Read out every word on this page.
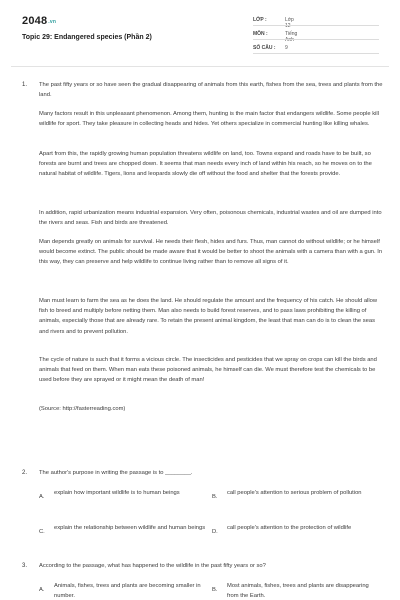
$2048^{.vn}$
Topic 29: Endangered species (Phần 2)
LỚP :	Lớp 12
MÔN :	Tiếng Anh
SỐ CÂU :	9
1. The past fifty years or so have seen the gradual disappearing of animals from this earth, fishes from the sea, trees and plants from the land.
Many factors result in this unpleasant phenomenon. Among them, hunting is the main factor that endangers wildlife. Some people kill wildlife for sport. They take pleasure in collecting heads and hides. Yet others specialize in commercial hunting like killing whales.
Apart from this, the rapidly growing human population threatens wildlife on land, too. Towns expand and roads have to be built, so forests are burnt and trees are chopped down. It seems that man needs every inch of land within his reach, so he moves on to the natural habitat of wildlife. Tigers, lions and leopards slowly die off without the food and shelter that the forests provide.
In addition, rapid urbanization means industrial expansion. Very often, poisonous chemicals, industrial wastes and oil are dumped into the rivers and seas. Fish and birds are threatened.
Man depends greatly on animals for survival. He needs their flesh, hides and furs. Thus, man cannot do without wildlife; or he himself would become extinct. The public should be made aware that it would be better to shoot the animals with a camera than with a gun. In this way, they can preserve and help wildlife to continue living rather than to remove all signs of it.
Man must learn to farm the sea as he does the land. He should regulate the amount and the frequency of his catch. He should allow fish to breed and multiply before netting them. Man also needs to build forest reserves, and to pass laws prohibiting the killing of animals, especially those that are already rare. To retain the present animal kingdom, the least that man can do is to clean the seas and rivers and to prevent pollution.
The cycle of nature is such that it forms a vicious circle. The insecticides and pesticides that we spray on crops can kill the birds and animals that feed on them. When man eats these poisoned animals, he himself can die. We must therefore test the chemicals to be used before they are sprayed or it might mean the death of man!
(Source: http://fasterreading.com)
2. The author's purpose in writing the passage is to ________.
A.
explain how important wildlife is to human beings
B.
call people's attention to serious problem of pollution
C.
explain the relationship between wildlife and human beings
D.
call people's attention to the protection of wildlife
3. According to the passage, what has happened to the wildlife in the past fifty years or so?
A.
Animals, fishes, trees and plants are becoming smaller in number.
B.
Most animals, fishes, trees and plants are disappearing from the Earth.
